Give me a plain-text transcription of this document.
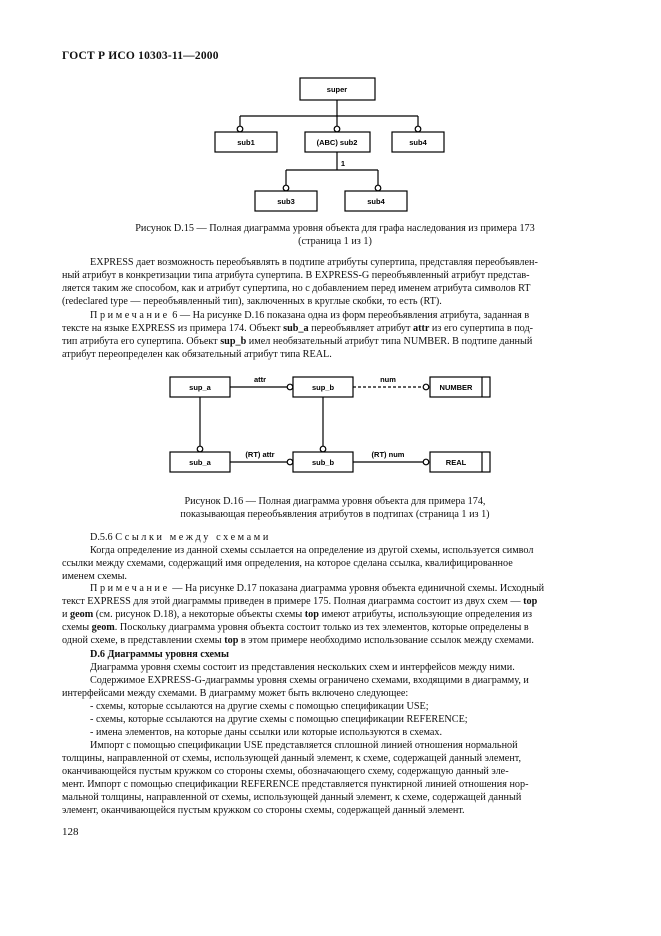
ГОСТ Р ИСО 10303-11—2000
super
sub1	(ABC) sub2
sub3	sub4
sub4
1
Рисунок D.15 — Полная диаграмма уровня объекта для графа наследования из примера 173
(страница 1 из 1)
EXPRESS дает возможность переобъявлять в подтипе атрибуты супертипа, представляя переобъявлен-
ный атрибут в конкретизации типа атрибута супертипа. В EXPRESS-G переобъявленный атрибут представ-
ляется таким же способом, как и атрибут супертипа, но с добавлением перед именем атрибута символов RT
(redeclared type — переобъявленный тип), заключенных в круглые скобки, то есть (RT).
Примечание 6 — На рисунке D.16 показана одна из форм переобъявления атрибута, заданная в
тексте на языке EXPRESS из примера 174. Объект sub_a переобъявляет атрибут attr из его супертипа в под-
тип атрибута его супертипа. Объект sup_b имел необязательный атрибут типа NUMBER. В подтипе данный
атрибут переопределен как обязательный атрибут типа REAL.
sup_a	sup_b	NUMBER
sub_a	sub_b	REAL
attr	num
(RT) attr	(RT) num
Рисунок D.16 — Полная диаграмма уровня объекта для примера 174,
показывающая переобъявления атрибутов в подтипах (страница 1 из 1)
D.5.6 Ссылки между схемами
Когда определение из данной схемы ссылается на определение из другой схемы, используется символ
ссылки между схемами, содержащий имя определения, на которое сделана ссылка, квалифицированное
именем схемы.
Примечание — На рисунке D.17 показана диаграмма уровня объекта единичной схемы. Исходный
текст EXPRESS для этой диаграммы приведен в примере 175. Полная диаграмма состоит из двух схем — top
и geom (см. рисунок D.18), а некоторые объекты схемы top имеют атрибуты, использующие определения из
схемы geom. Поскольку диаграмма уровня объекта состоит только из тех элементов, которые определены в
одной схеме, в представлении схемы top в этом примере необходимо использование ссылок между схемами.
D.6 Диаграммы уровня схемы
Диаграмма уровня схемы состоит из представления нескольких схем и интерфейсов между ними.
Содержимое EXPRESS-G-диаграммы уровня схемы ограничено схемами, входящими в диаграмму, и
интерфейсами между схемами. В диаграмму может быть включено следующее:
- схемы, которые ссылаются на другие схемы с помощью спецификации USE;
- схемы, которые ссылаются на другие схемы с помощью спецификации REFERENCE;
- имена элементов, на которые даны ссылки или которые используются в схемах.
Импорт с помощью спецификации USE представляется сплошной линией отношения нормальной
толщины, направленной от схемы, использующей данный элемент, к схеме, содержащей данный элемент,
оканчивающейся пустым кружком со стороны схемы, обозначающего схему, содержащую данный эле-
мент. Импорт с помощью спецификации REFERENCE представляется пунктирной линией отношения нор-
мальной толщины, направленной от схемы, использующей данный элемент, к схеме, содержащей данный
элемент, оканчивающейся пустым кружком со стороны схемы, содержащей данный элемент.
128
